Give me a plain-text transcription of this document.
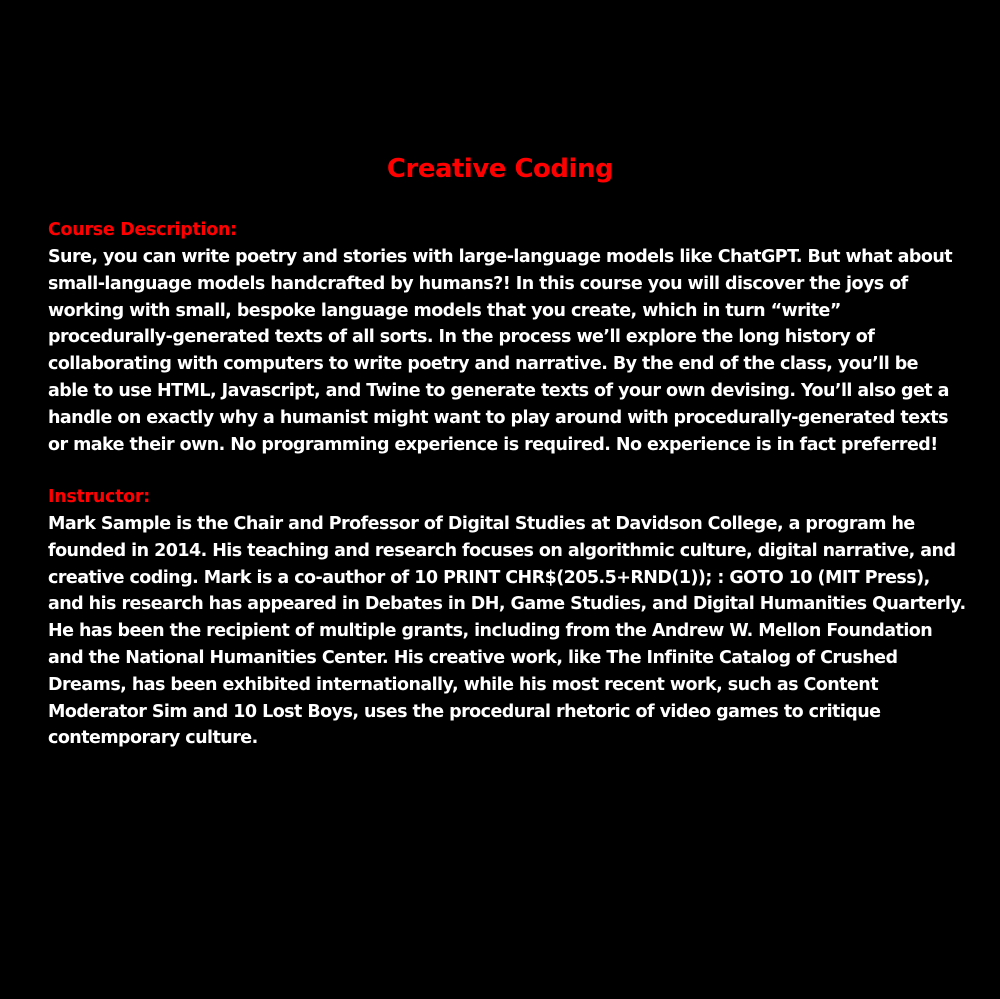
Creative Coding

Course Description:

Sure, you can write poetry and stories with large-language models like ChatGPT. But what about
small-language models handcrafted by humans?! In this course you will discover the joys of
working with small, bespoke language models that you create, which in turn “write”
procedurally-generated texts of all sorts. In the process we’ll explore the long history of
collaborating with computers to write poetry and narrative. By the end of the class, you’ll be
able to use HTML, Javascript, and Twine to generate texts of your own devising. You’ll also get a
handle on exactly why a humanist might want to play around with procedurally-generated texts
or make their own. No programming experience is required. No experience is in fact preferred!

Instructor:

Mark Sample is the Chair and Professor of Digital Studies at Davidson College, a program he
founded in 2014. His teaching and research focuses on algorithmic culture, digital narrative, and
creative coding. Mark is a co-author of 10 PRINT CHR$(205.5+RND(1)); : GOTO 10 (MIT Press),
and his research has appeared in Debates in DH, Game Studies, and Digital Humanities Quarterly.
He has been the recipient of multiple grants, including from the Andrew W. Mellon Foundation
and the National Humanities Center. His creative work, like The Infinite Catalog of Crushed
Dreams, has been exhibited internationally, while his most recent work, such as Content
Moderator Sim and 10 Lost Boys, uses the procedural rhetoric of video games to critique
contemporary culture.
